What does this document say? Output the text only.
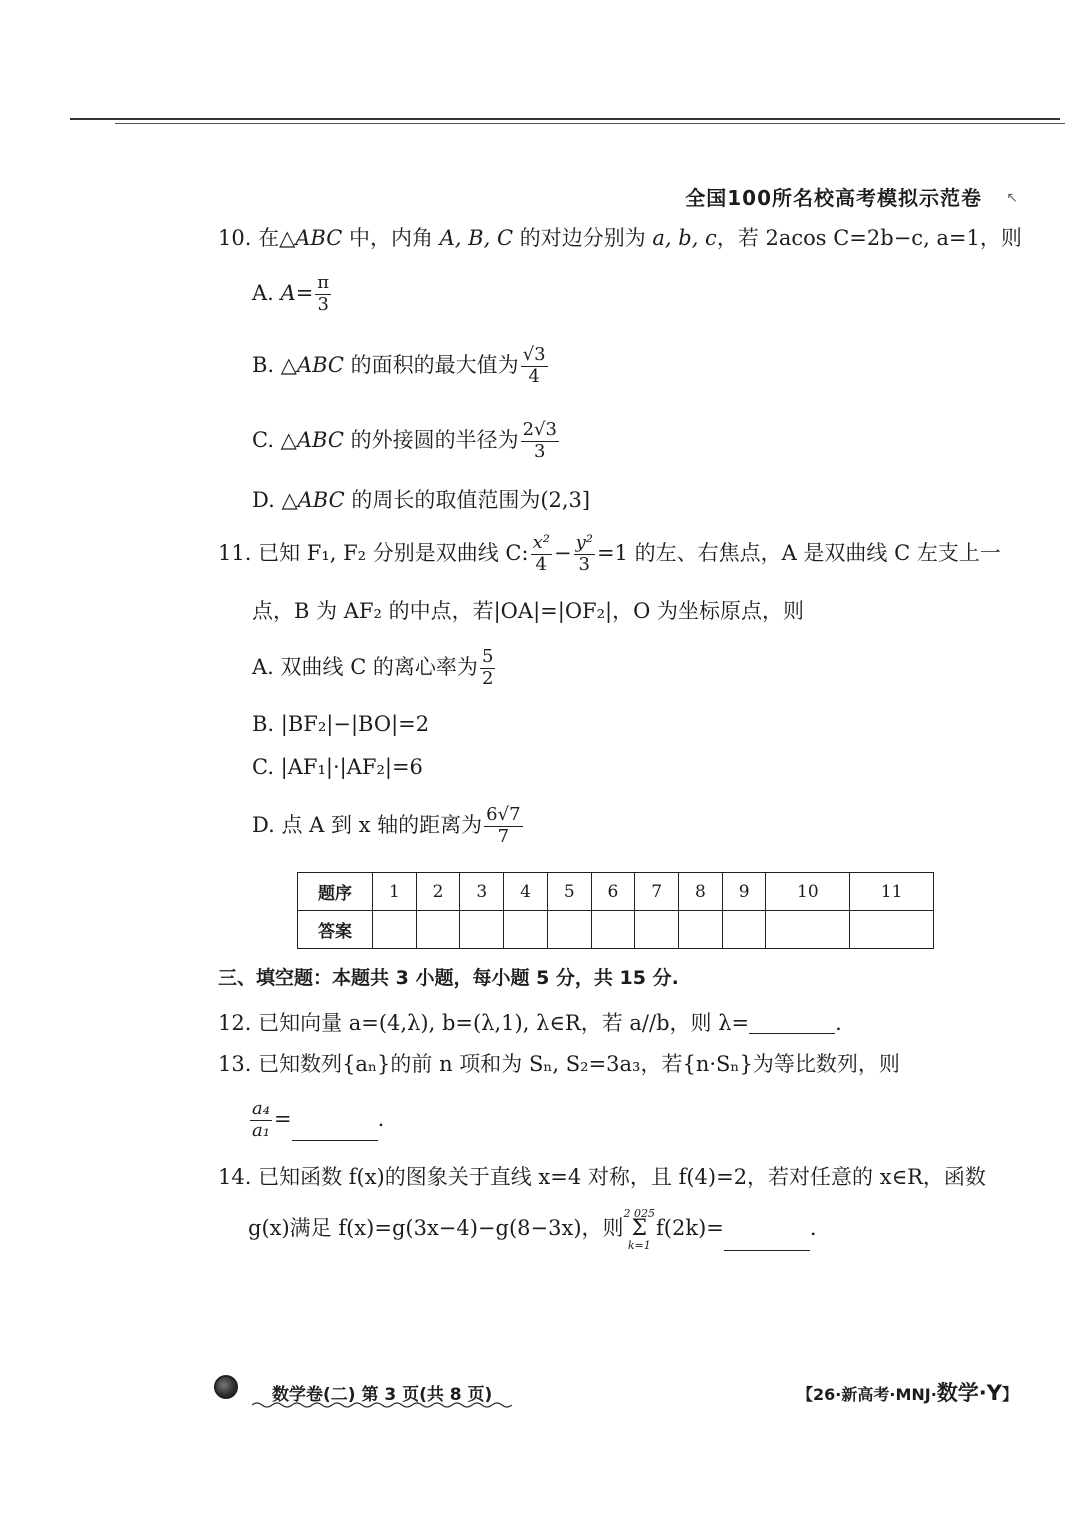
全国100所名校高考模拟示范卷 ↖
10. 在△ABC 中，内角 A, B, C 的对边分别为 a, b, c，若 2acos C=2b−c, a=1，则
A. $A= \frac{\pi}{3}$
B. △ABC 的面积的最大值为 $\frac{√3}{4}$
C. △ABC 的外接圆的半径为 $\frac{2√3}{3}$
D. △ABC 的周长的取值范围为(2,3]
11. 已知 F₁, F₂ 分别是双曲线 C: $\frac{\text{x²}}{4} - \frac{\text{y²}}{3} =1$ 的左、右焦点，A 是双曲线 C 左支上一
点，B 为 AF₂ 的中点，若|OA|=|OF₂|，O 为坐标原点，则
A. 双曲线 C 的离心率为 $\frac{5}{2}$
B. |BF₂|−|BO|=2
C. |AF₁|·|AF₂|=6
D. 点 A 到 x 轴的距离为 $\frac{6√7}{7}$
题序	1	2	3	4	5	6	7	8	9	10	11
答案											
三、填空题：本题共 3 小题，每小题 5 分，共 15 分.
12. 已知向量 a=(4,λ), b=(λ,1), λ∈R，若 a//b，则 λ=	.
13. 已知数列{aₙ}的前 n 项和为 Sₙ, S₂=3a₃，若{n·Sₙ}为等比数列，则
$\frac{\text{a₄}}{\text{a₁}}$ =	.
14. 已知函数 f(x)的图象关于直线 x=4 对称，且 f(4)=2，若对任意的 x∈R，函数
g(x)满足 f(x)=g(3x−4)−g(8−3x)，则
2 025
Σ
k=1
f(2k)=	.
数学卷(二) 第 3 页(共 8 页)	【26·新高考·MNJ·数学·Y】
